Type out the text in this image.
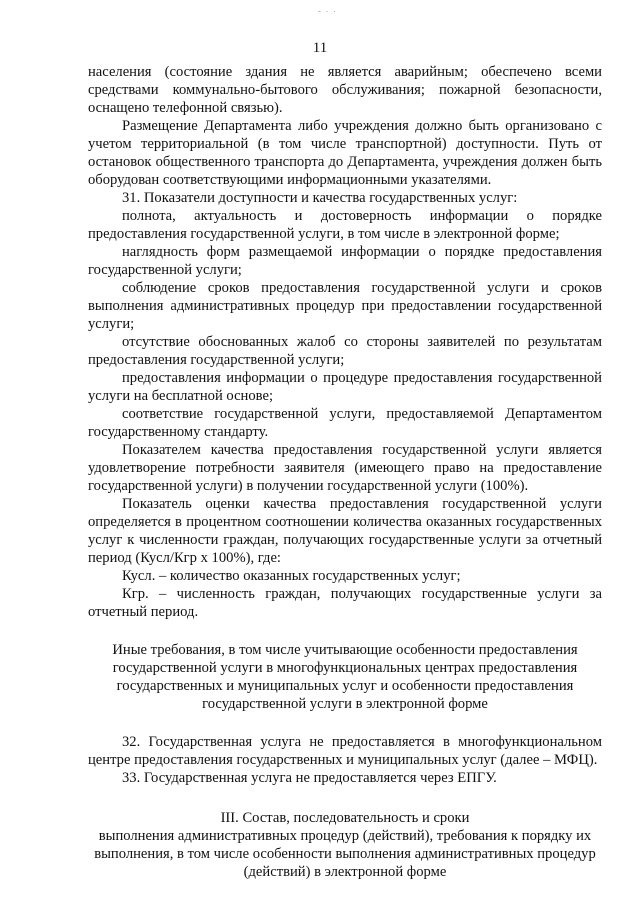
- · ·
11

населения (состояние здания не является аварийным; обеспечено всеми средствами коммунально-бытового обслуживания; пожарной безопасности, оснащено телефонной связью).

Размещение Департамента либо учреждения должно быть организовано с учетом территориальной (в том числе транспортной) доступности. Путь от остановок общественного транспорта до Департамента, учреждения должен быть оборудован соответствующими информационными указателями.

31. Показатели доступности и качества государственных услуг:

полнота, актуальность и достоверность информации о порядке предоставления государственной услуги, в том числе в электронной форме;

наглядность форм размещаемой информации о порядке предоставления государственной услуги;

соблюдение сроков предоставления государственной услуги и сроков выполнения административных процедур при предоставлении государственной услуги;

отсутствие обоснованных жалоб со стороны заявителей по результатам предоставления государственной услуги;

предоставления информации о процедуре предоставления государственной услуги на бесплатной основе;

соответствие государственной услуги, предоставляемой Департаментом государственному стандарту.

Показателем качества предоставления государственной услуги является удовлетворение потребности заявителя (имеющего право на предоставление государственной услуги) в получении государственной услуги (100%).

Показатель оценки качества предоставления государственной услуги определяется в процентном соотношении количества оказанных государственных услуг к численности граждан, получающих государственные услуги за отчетный период (Кусл/Кгр х 100%), где:

Кусл. – количество оказанных государственных услуг;

Кгр. – численность граждан, получающих государственные услуги за отчетный период.

Иные требования, в том числе учитывающие особенности предоставления государственной услуги в многофункциональных центрах предоставления государственных и муниципальных услуг и особенности предоставления государственной услуги в электронной форме

32. Государственная услуга не предоставляется в многофункциональном центре предоставления государственных и муниципальных услуг (далее – МФЦ).

33. Государственная услуга не предоставляется через ЕПГУ.

III. Состав, последовательность и сроки

выполнения административных процедур (действий), требования к порядку их выполнения, в том числе особенности выполнения административных процедур (действий) в электронной форме
